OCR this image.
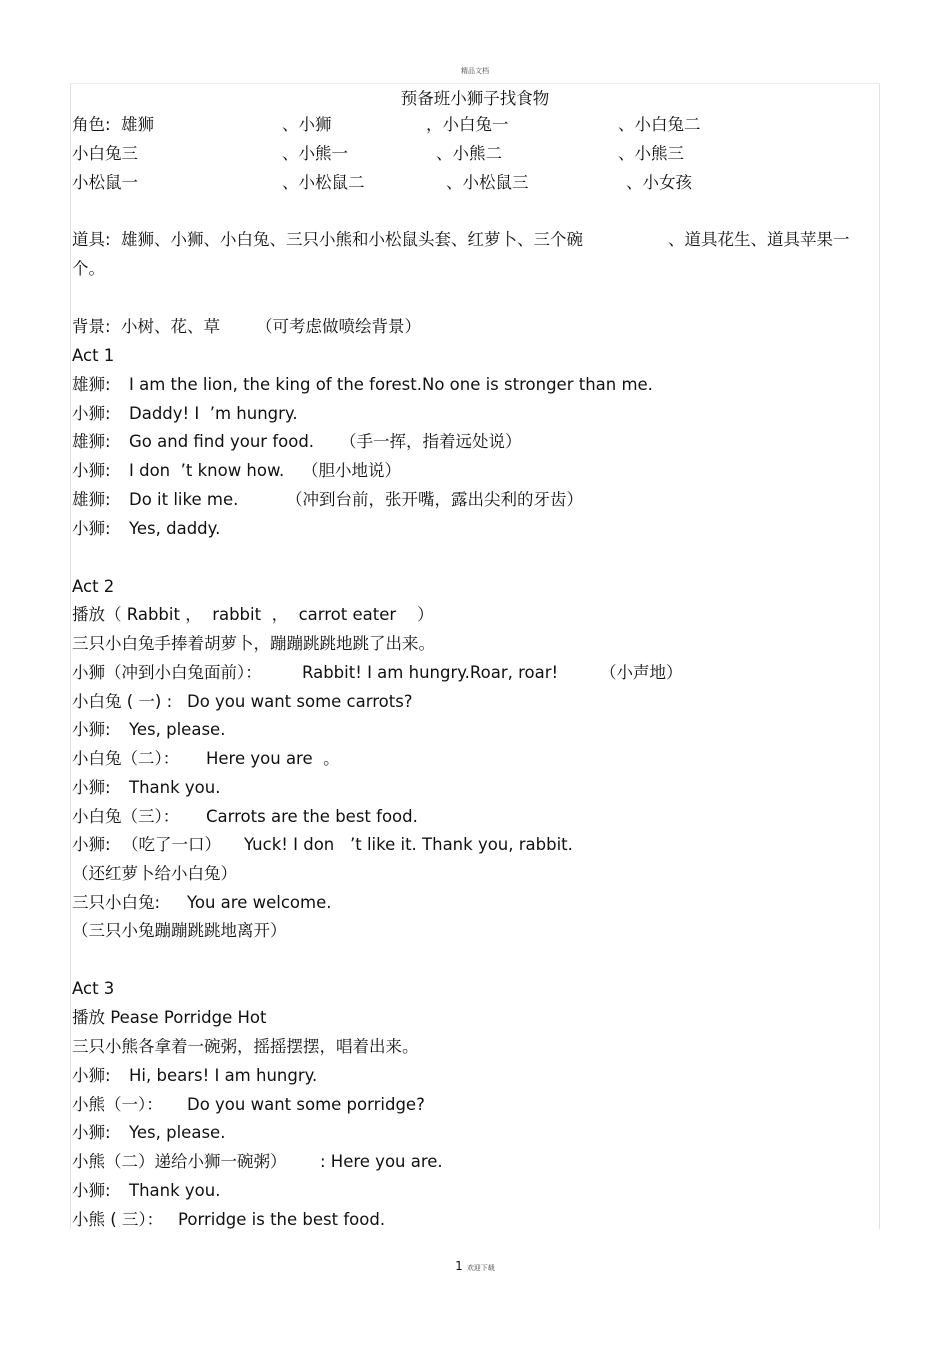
精品文档
预备班小狮子找食物
角色:  雄狮	、小狮	，小白兔一	、小白兔二
小白兔三	、小熊一	、小熊二	、小熊三
小松鼠一	、小松鼠二	、小松鼠三	、小女孩
道具:  雄狮、小狮、小白兔、三只小熊和小松鼠头套、红萝卜、三个碗	、道具花生、道具苹果一
个。
背景:  小树、花、草 （可考虑做喷绘背景）
Act 1
雄狮: I am the lion, the king of the forest.No one is stronger than me.
小狮: Daddy! I  ’m hungry.
雄狮: Go and find your food. （手一挥，指着远处说）
小狮: I don  ’t know how. （胆小地说）
雄狮: Do it like me.	（冲到台前，张开嘴，露出尖利的牙齿）
小狮: Yes, daddy.
Act 2
播放（ Rabbit ，  rabbit  ，  carrot eater    ）
三只小白兔手捧着胡萝卜，蹦蹦跳跳地跳了出来。
小狮（冲到小白兔面前）： Rabbit! I am hungry.Roar, roar!	（小声地）
小白兔 ( 一) : Do you want some carrots?
小狮: Yes, please.
小白兔（二）： Here you are  。
小狮: Thank you.
小白兔（三）： Carrots are the best food.
小狮: （吃了一口） Yuck! I don   ’t like it. Thank you, rabbit.
（还红萝卜给小白兔）
三只小白兔: You are welcome.
（三只小兔蹦蹦跳跳地离开）
Act 3
播放 Pease Porridge Hot
三只小熊各拿着一碗粥，摇摇摆摆，唱着出来。
小狮: Hi, bears! I am hungry.
小熊（一）： Do you want some porridge?
小狮: Yes, please.
小熊（二）递给小狮一碗粥） : Here you are.
小狮: Thank you.
小熊 ( 三）： Porridge is the best food.
1 欢迎下载
